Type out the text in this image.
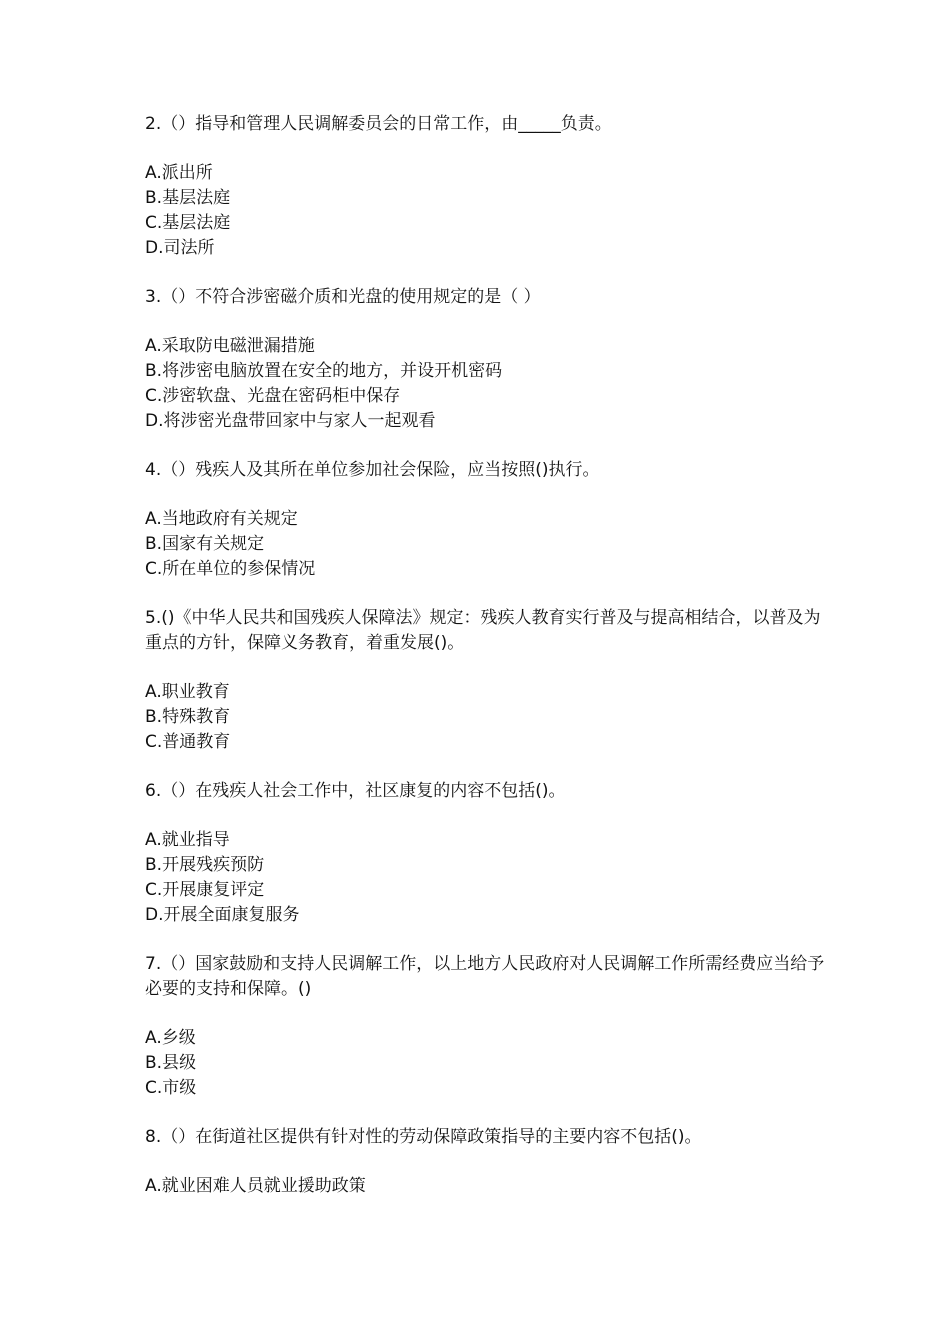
2.（）指导和管理人民调解委员会的日常工作，由_____负责。

A.派出所

B.基层法庭

C.基层法庭

D.司法所

3.（）不符合涉密磁介质和光盘的使用规定的是（ ）

A.采取防电磁泄漏措施

B.将涉密电脑放置在安全的地方，并设开机密码

C.涉密软盘、光盘在密码柜中保存

D.将涉密光盘带回家中与家人一起观看

4.（）残疾人及其所在单位参加社会保险，应当按照()执行。

A.当地政府有关规定

B.国家有关规定

C.所在单位的参保情况

5.()《中华人民共和国残疾人保障法》规定：残疾人教育实行普及与提高相结合，以普及为重点的方针，保障义务教育，着重发展()。

A.职业教育

B.特殊教育

C.普通教育

6.（）在残疾人社会工作中，社区康复的内容不包括()。

A.就业指导

B.开展残疾预防

C.开展康复评定

D.开展全面康复服务

7.（）国家鼓励和支持人民调解工作，以上地方人民政府对人民调解工作所需经费应当给予必要的支持和保障。()

A.乡级

B.县级

C.市级

8.（）在街道社区提供有针对性的劳动保障政策指导的主要内容不包括()。

A.就业困难人员就业援助政策
